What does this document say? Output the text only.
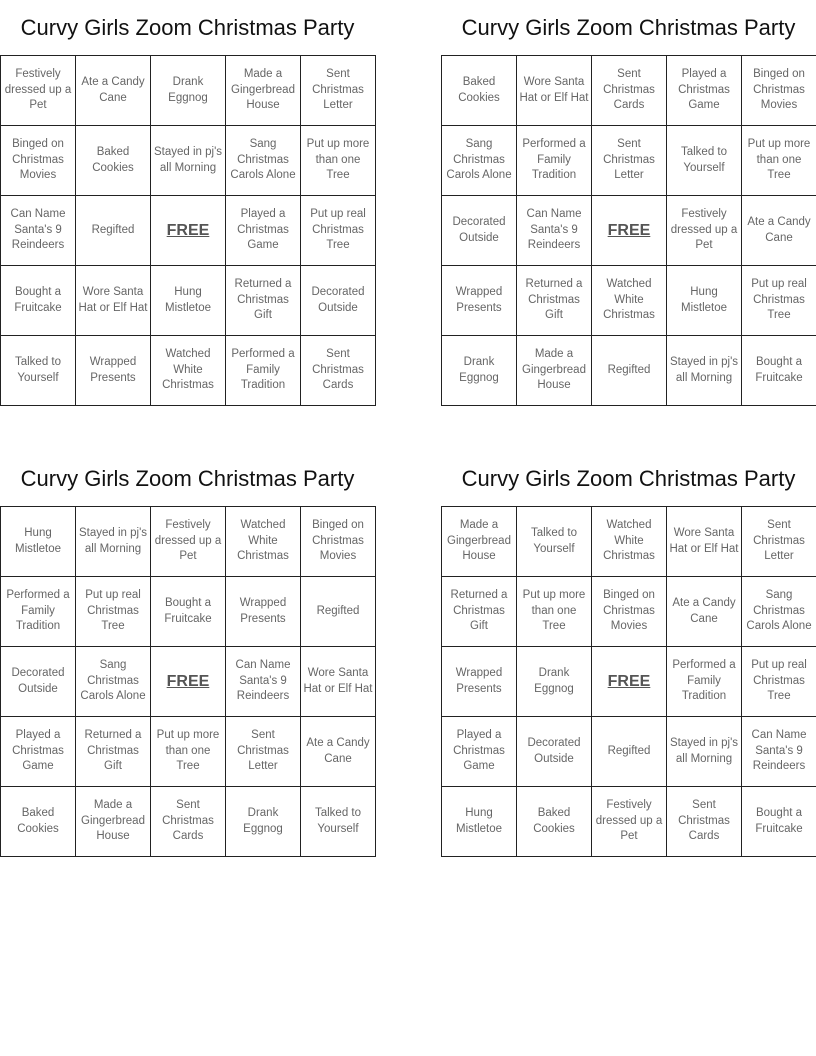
Curvy Girls Zoom Christmas Party
Festively dressed up a Pet
Ate a Candy Cane
Drank Eggnog
Made a Gingerbread House
Sent Christmas Letter
Binged on Christmas Movies
Baked Cookies
Stayed in pj's all Morning
Sang Christmas Carols Alone
Put up more than one Tree
Can Name Santa's 9 Reindeers
Regifted	FREE
Played a Christmas Game
Put up real Christmas Tree
Bought a Fruitcake
Wore Santa Hat or Elf Hat
Hung Mistletoe
Returned a Christmas Gift
Decorated Outside
Talked to Yourself
Wrapped Presents
Watched White Christmas
Performed a Family Tradition
Sent Christmas Cards
Curvy Girls Zoom Christmas Party
Baked Cookies
Wore Santa Hat or Elf Hat
Sent Christmas Cards
Played a Christmas Game
Binged on Christmas Movies
Sang Christmas Carols Alone
Performed a Family Tradition
Sent Christmas Letter
Talked to Yourself
Put up more than one Tree
Decorated Outside
Can Name Santa's 9 Reindeers
FREE
Festively dressed up a Pet
Ate a Candy Cane
Wrapped Presents
Returned a Christmas Gift
Watched White Christmas
Hung Mistletoe
Put up real Christmas Tree
Drank Eggnog
Made a Gingerbread House
Regifted
Stayed in pj's all Morning
Bought a Fruitcake
Curvy Girls Zoom Christmas Party
Hung Mistletoe
Stayed in pj's all Morning
Festively dressed up a Pet
Watched White Christmas
Binged on Christmas Movies
Performed a Family Tradition
Put up real Christmas Tree
Bought a Fruitcake
Wrapped Presents
Regifted
Decorated Outside
Sang Christmas Carols Alone
FREE
Can Name Santa's 9 Reindeers
Wore Santa Hat or Elf Hat
Played a Christmas Game
Returned a Christmas Gift
Put up more than one Tree
Sent Christmas Letter
Ate a Candy Cane
Baked Cookies
Made a Gingerbread House
Sent Christmas Cards
Drank Eggnog
Talked to Yourself
Curvy Girls Zoom Christmas Party
Made a Gingerbread House
Talked to Yourself
Watched White Christmas
Wore Santa Hat or Elf Hat
Sent Christmas Letter
Returned a Christmas Gift
Put up more than one Tree
Binged on Christmas Movies
Ate a Candy Cane
Sang Christmas Carols Alone
Wrapped Presents
Drank Eggnog	FREE
Performed a Family Tradition
Put up real Christmas Tree
Played a Christmas Game
Decorated Outside
Regifted
Stayed in pj's all Morning
Can Name Santa's 9 Reindeers
Hung Mistletoe
Baked Cookies
Festively dressed up a Pet
Sent Christmas Cards
Bought a Fruitcake
